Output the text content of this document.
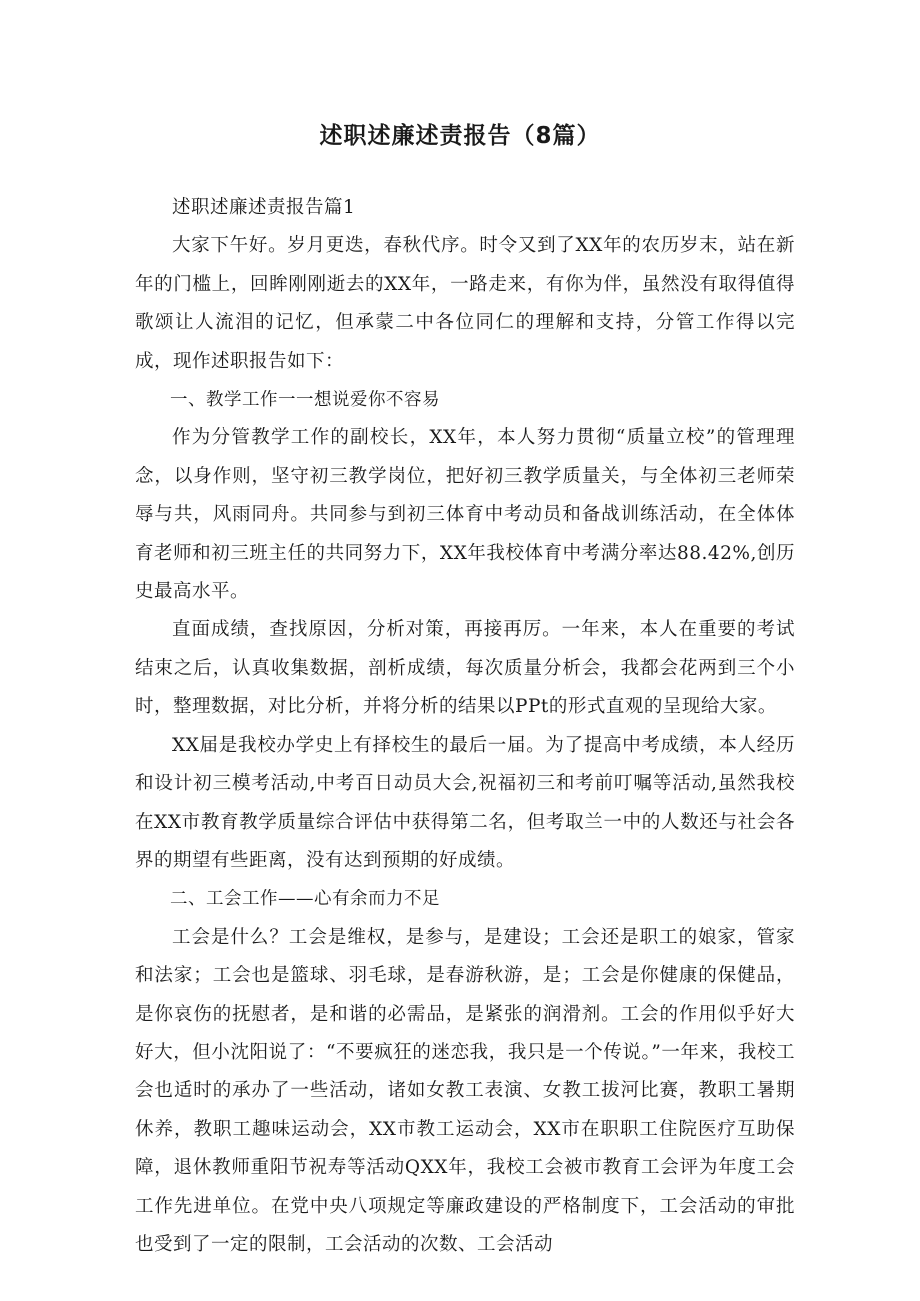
述职述廉述责报告（8篇）

述职述廉述责报告篇1

大家下午好。岁月更迭，春秋代序。时令又到了XX年的农历岁末，站在新年的门槛上，回眸刚刚逝去的XX年，一路走来，有你为伴，虽然没有取得值得歌颂让人流泪的记忆，但承蒙二中各位同仁的理解和支持，分管工作得以完成，现作述职报告如下：

一、教学工作一一想说爱你不容易

作为分管教学工作的副校长，XX年，本人努力贯彻“质量立校”的管理理念，以身作则，坚守初三教学岗位，把好初三教学质量关，与全体初三老师荣辱与共，风雨同舟。共同参与到初三体育中考动员和备战训练活动，在全体体育老师和初三班主任的共同努力下，XX年我校体育中考满分率达88.42%,创历史最高水平。

直面成绩，查找原因，分析对策，再接再厉。一年来，本人在重要的考试结束之后，认真收集数据，剖析成绩，每次质量分析会，我都会花两到三个小时，整理数据，对比分析，并将分析的结果以PPt的形式直观的呈现给大家。

XX届是我校办学史上有择校生的最后一届。为了提高中考成绩，本人经历和设计初三模考活动,中考百日动员大会,祝福初三和考前叮嘱等活动,虽然我校在XX市教育教学质量综合评估中获得第二名，但考取兰一中的人数还与社会各界的期望有些距离，没有达到预期的好成绩。

二、工会工作——心有余而力不足

工会是什么？工会是维权，是参与，是建设；工会还是职工的娘家，管家和法家；工会也是篮球、羽毛球，是春游秋游，是；工会是你健康的保健品，是你哀伤的抚慰者，是和谐的必需品，是紧张的润滑剂。工会的作用似乎好大好大，但小沈阳说了：“不要疯狂的迷恋我，我只是一个传说。”一年来，我校工会也适时的承办了一些活动，诸如女教工表演、女教工拔河比赛，教职工暑期休养，教职工趣味运动会，XX市教工运动会，XX市在职职工住院医疗互助保障，退休教师重阳节祝寿等活动QXX年，我校工会被市教育工会评为年度工会工作先进单位。在党中央八项规定等廉政建设的严格制度下，工会活动的审批也受到了一定的限制，工会活动的次数、工会活动
